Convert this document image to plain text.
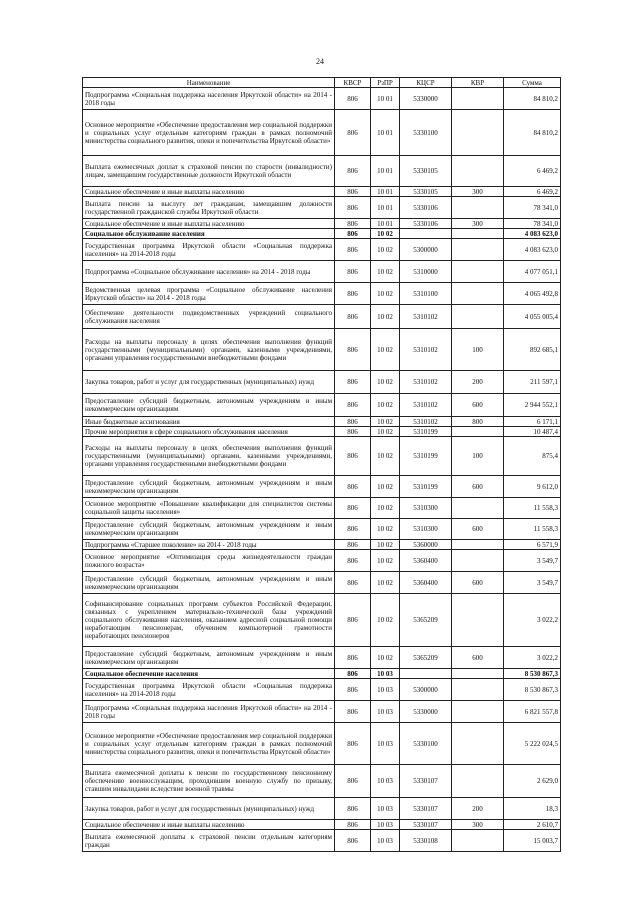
24
Наименование	КВСР	РзПР	КЦСР	КВР	Сумма
Подпрограмма «Социальная поддержка населения Иркутской области» на 2014 - 2018 годы	806	10 01	5330000		84 810,2
Основное мероприятие «Обеспечение предоставления мер социальной поддержки и социальных услуг отдельным категориям граждан в рамках полномочий министерства социального развития, опеки и попечительства Иркутской области»	806	10 01	5330100		84 810,2
Выплата ежемесячных доплат к страховой пенсии по старости (инвалидности) лицам, замещавшим государственные должности Иркутской области	806	10 01	5330105		6 469,2
Социальное обеспечение и иные выплаты населению	806	10 01	5330105	300	6 469,2
Выплата пенсии за выслугу лет гражданам, замещавшим должности государственной гражданской службы Иркутской области	806	10 01	5330106		78 341,0
Социальное обеспечение и иные выплаты населению	806	10 01	5330106	300	78 341,0
Социальное обслуживание населения	806	10 02			4 083 623,0
Государственная программа Иркутской области «Социальная поддержка населения» на 2014-2018 годы	806	10 02	5300000		4 083 623,0
Подпрограмма «Социальное обслуживание населения» на 2014 - 2018 годы	806	10 02	5310000		4 077 051,1
Ведомственная целевая программа «Социальное обслуживание населения Иркутской области» на 2014 - 2018 годы	806	10 02	5310100		4 065 492,8
Обеспечение деятельности подведомственных учреждений социального обслуживания населения	806	10 02	5310102		4 055 005,4
Расходы на выплаты персоналу в целях обеспечения выполнения функций государственными (муниципальными) органами, казенными учреждениями, органами управления государственными внебюджетными фондами	806	10 02	5310102	100	892 685,1
Закупка товаров, работ и услуг для государственных (муниципальных) нужд	806	10 02	5310102	200	211 597,1
Предоставление субсидий бюджетным, автономным учреждениям и иным некоммерческим организациям	806	10 02	5310102	600	2 944 552,1
Иные бюджетные ассигнования	806	10 02	5310102	800	6 171,1
Прочие мероприятия в сфере социального обслуживания населения	806	10 02	5310199		10 487,4
Расходы на выплаты персоналу в целях обеспечения выполнения функций государственными (муниципальными) органами, казенными учреждениями, органами управления государственными внебюджетными фондами	806	10 02	5310199	100	875,4
Предоставление субсидий бюджетным, автономным учреждениям и иным некоммерческим организациям	806	10 02	5310199	600	9 612,0
Основное мероприятие «Повышение квалификации для специалистов системы социальной защиты населения»	806	10 02	5310300		11 558,3
Предоставление субсидий бюджетным, автономным учреждениям и иным некоммерческим организациям	806	10 02	5310300	600	11 558,3
Подпрограмма «Старшее поколение» на 2014 - 2018 годы	806	10 02	5360000		6 571,9
Основное мероприятие «Оптимизация среды жизнедеятельности граждан пожилого возраста»	806	10 02	5360400		3 549,7
Предоставление субсидий бюджетным, автономным учреждениям и иным некоммерческим организациям	806	10 02	5360400	600	3 549,7
Софинансирование социальных программ субъектов Российской Федерации, связанных с укреплением материально-технической базы учреждений социального обслуживания населения, оказанием адресной социальной помощи неработающим пенсионерам, обучением компьютерной грамотности неработающих пенсионеров	806	10 02	5365209		3 022,2
Предоставление субсидий бюджетным, автономным учреждениям и иным некоммерческим организациям	806	10 02	5365209	600	3 022,2
Социальное обеспечение населения	806	10 03			8 530 867,3
Государственная программа Иркутской области «Социальная поддержка населения» на 2014-2018 годы	806	10 03	5300000		8 530 867,3
Подпрограмма «Социальная поддержка населения Иркутской области» на 2014 - 2018 годы	806	10 03	5330000		6 821 557,8
Основное мероприятие «Обеспечение предоставления мер социальной поддержки и социальных услуг отдельным категориям граждан в рамках полномочий министерства социального развития, опеки и попечительства Иркутской области»	806	10 03	5330100		5 222 024,5
Выплата ежемесячной доплаты к пенсии по государственному пенсионному обеспечению военнослужащим, проходившим военную службу по призыву, ставшим инвалидами вследствие военной травмы	806	10 03	5330107		2 629,0
Закупка товаров, работ и услуг для государственных (муниципальных) нужд	806	10 03	5330107	200	18,3
Социальное обеспечение и иные выплаты населению	806	10 03	5330107	300	2 610,7
Выплата ежемесячной доплаты к страховой пенсии отдельным категориям граждан	806	10 03	5330108		15 003,7
